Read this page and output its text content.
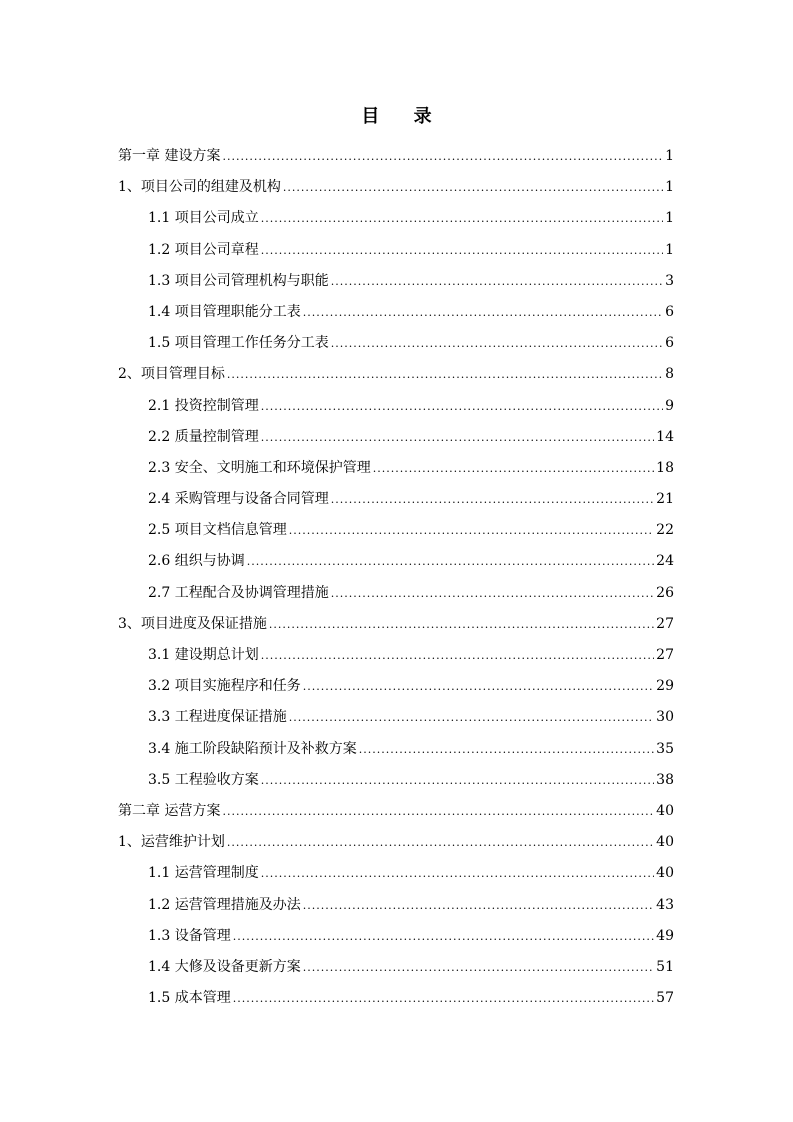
目 录
第一章 建设方案 .....	1
1、项目公司的组建及机构 .....	1
1.1 项目公司成立 .....	1
1.2 项目公司章程 .....	1
1.3 项目公司管理机构与职能 .....	3
1.4 项目管理职能分工表 .....	6
1.5 项目管理工作任务分工表 .....	6
2、项目管理目标 .....	8
2.1 投资控制管理 .....	9
2.2 质量控制管理 .....	14
2.3 安全、文明施工和环境保护管理 .....	18
2.4 采购管理与设备合同管理 .....	21
2.5 项目文档信息管理 .....	22
2.6 组织与协调 .....	24
2.7 工程配合及协调管理措施 .....	26
3、项目进度及保证措施 .....	27
3.1 建设期总计划 .....	27
3.2 项目实施程序和任务 .....	29
3.3 工程进度保证措施 .....	30
3.4 施工阶段缺陷预计及补救方案 .....	35
3.5 工程验收方案 .....	38
第二章 运营方案 .....	40
1、运营维护计划 .....	40
1.1 运营管理制度 .....	40
1.2 运营管理措施及办法 .....	43
1.3 设备管理 .....	49
1.4 大修及设备更新方案 .....	51
1.5 成本管理 .....	57
